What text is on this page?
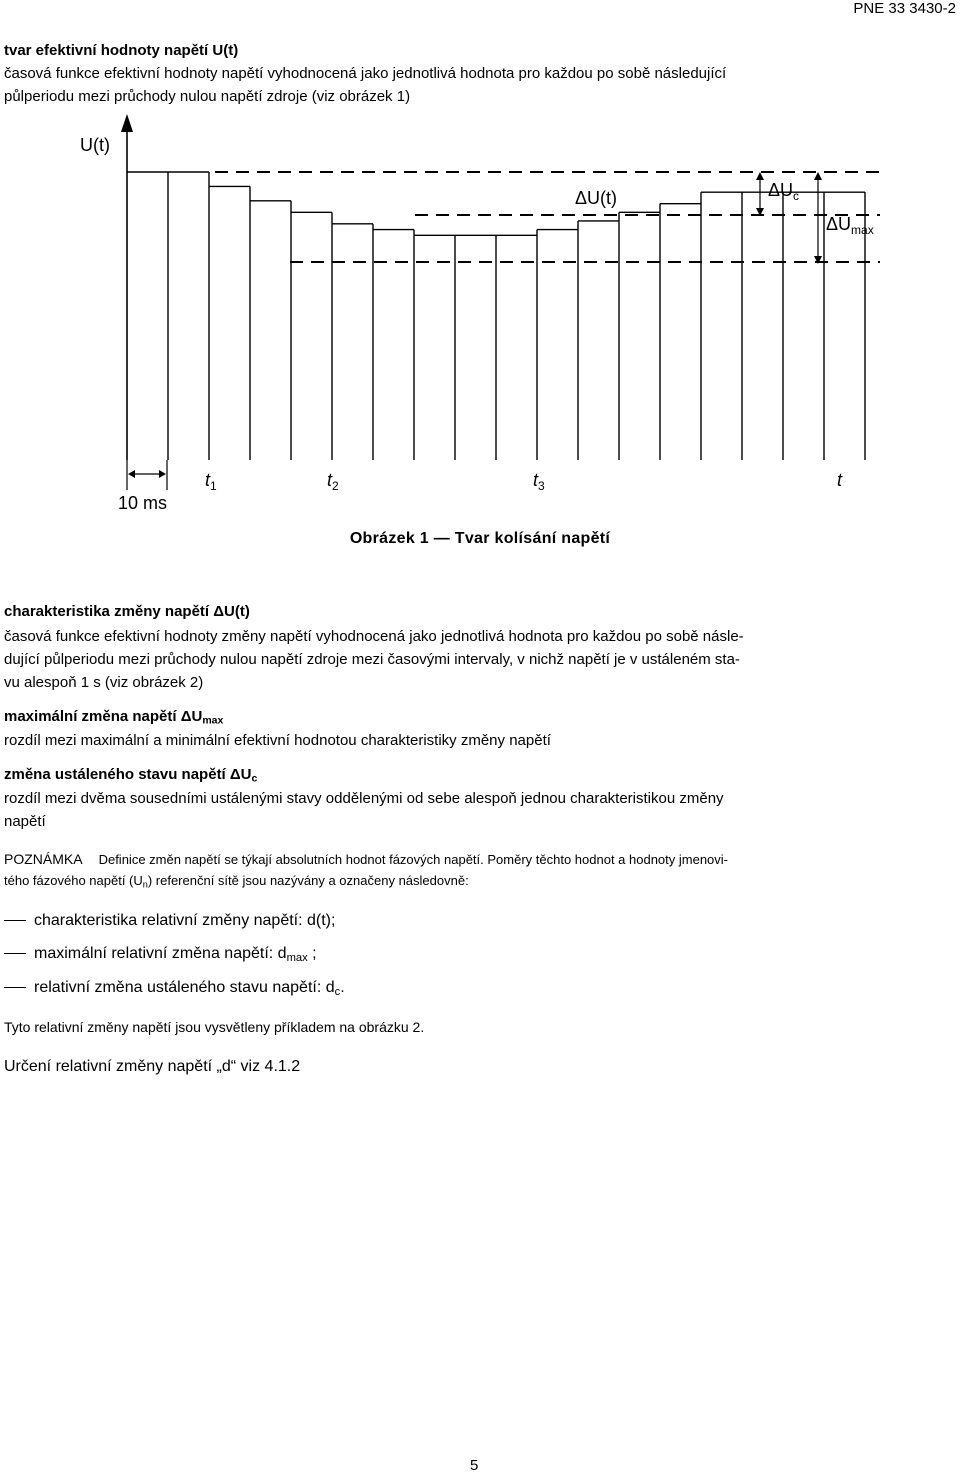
PNE 33 3430-2
tvar efektivní hodnoty napětí U(t)
časová funkce efektivní hodnoty napětí vyhodnocená jako jednotlivá hodnota pro každou po sobě následující
půlperiodu mezi průchody nulou napětí zdroje (viz obrázek 1)
U(t)
ΔU(t)	$\Delta U_c$
$\Delta U_{max}$
10 ms
$t_1$	$t_2$	$t_3$	t
Obrázek 1 — Tvar kolísání napětí
charakteristika změny napětí ΔU(t)
časová funkce efektivní hodnoty změny napětí vyhodnocená jako jednotlivá hodnota pro každou po sobě násle-
dující půlperiodu mezi průchody nulou napětí zdroje mezi časovými intervaly, v nichž napětí je v ustáleném sta-
vu alespoň 1 s (viz obrázek 2)
maximální změna napětí $\Delta U_{max}$
rozdíl mezi maximální a minimální efektivní hodnotou charakteristiky změny napětí
změna ustáleného stavu napětí $\Delta U_c$
rozdíl mezi dvěma sousedními ustálenými stavy oddělenými od sebe alespoň jednou charakteristikou změny
napětí
POZNÁMKA Definice změn napětí se týkají absolutních hodnot fázových napětí. Poměry těchto hodnot a hodnoty jmenovi-
tého fázového napětí $(U_n)$ referenční sítě jsou nazývány a označeny následovně:
charakteristika relativní změny napětí: d(t);
maximální relativní změna napětí: $d_{max}$ ;
relativní změna ustáleného stavu napětí: $d_c$.
Tyto relativní změny napětí jsou vysvětleny příkladem na obrázku 2.
Určení relativní změny napětí „d“ viz 4.1.2
5
